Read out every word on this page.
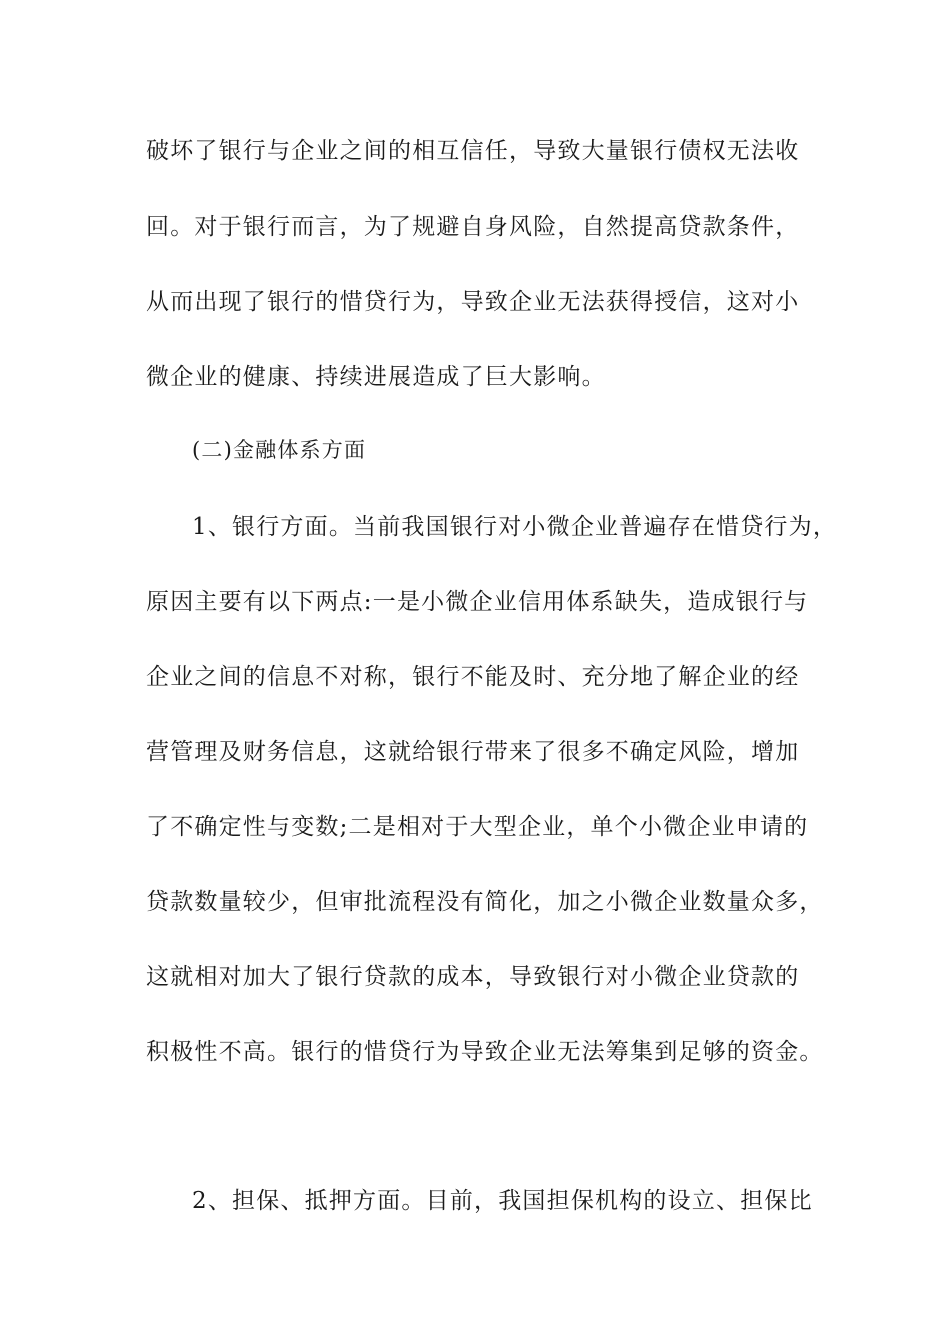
破坏了银行与企业之间的相互信任，导致大量银行债权无法收
回。对于银行而言，为了规避自身风险，自然提高贷款条件，
从而出现了银行的惜贷行为，导致企业无法获得授信，这对小
微企业的健康、持续进展造成了巨大影响。
(二)金融体系方面
1、银行方面。当前我国银行对小微企业普遍存在惜贷行为，
原因主要有以下两点:一是小微企业信用体系缺失，造成银行与
企业之间的信息不对称，银行不能及时、充分地了解企业的经
营管理及财务信息，这就给银行带来了很多不确定风险，增加
了不确定性与变数;二是相对于大型企业，单个小微企业申请的
贷款数量较少，但审批流程没有简化，加之小微企业数量众多，
这就相对加大了银行贷款的成本，导致银行对小微企业贷款的
积极性不高。银行的惜贷行为导致企业无法筹集到足够的资金。
2、担保、抵押方面。目前，我国担保机构的设立、担保比
